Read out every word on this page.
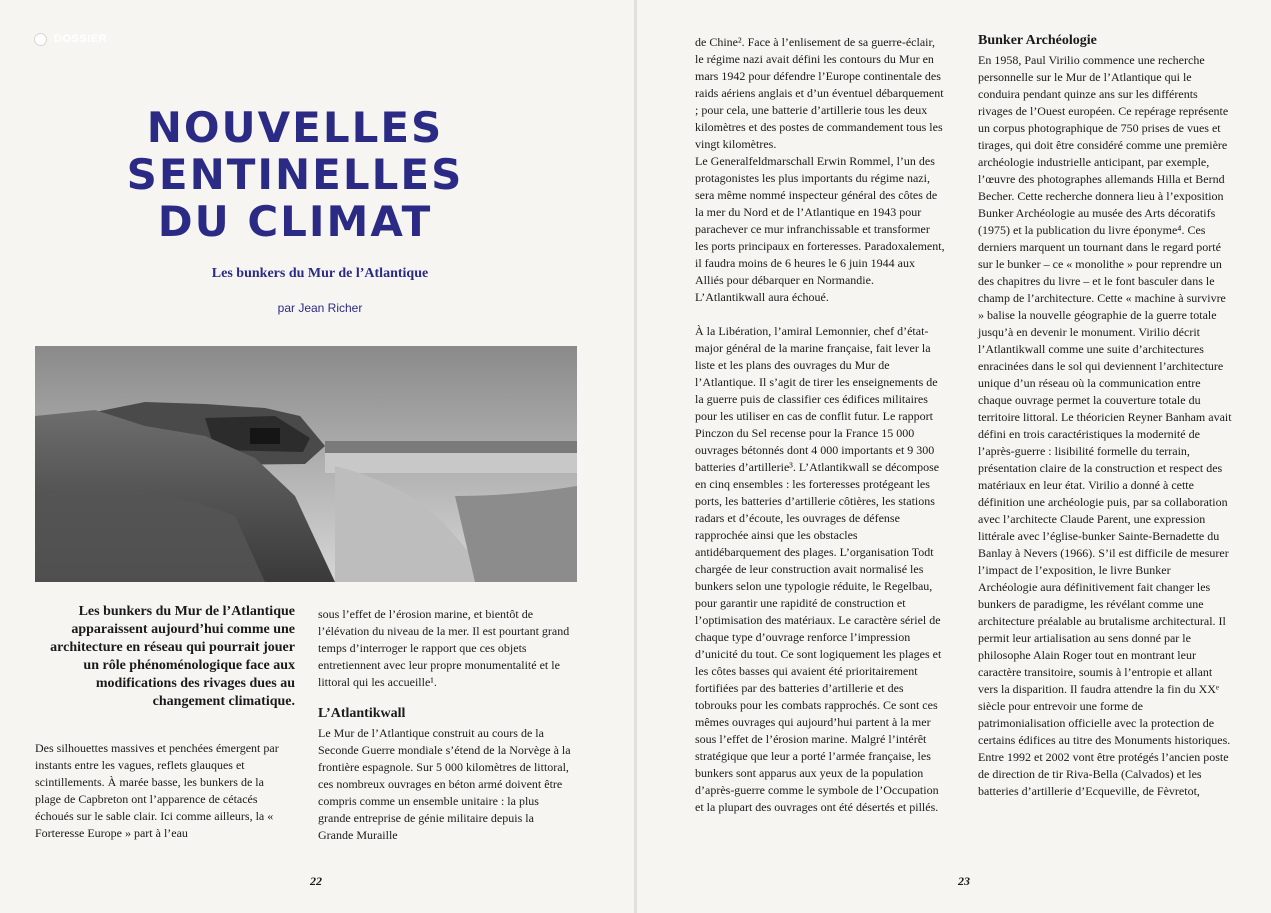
DOSSIER
NOUVELLES
SENTINELLES
DU CLIMAT
Les bunkers du Mur de l’Atlantique
par Jean Richer
Les bunkers du Mur de l’Atlantique apparaissent aujourd’hui comme une architecture en réseau qui pourrait jouer un rôle phénoménologique face aux modifications des rivages dues au changement climatique.

Des silhouettes massives et penchées émergent par instants entre les vagues, reflets glauques et scintillements. À marée basse, les bunkers de la plage de Capbreton ont l’apparence de cétacés échoués sur le sable clair. Ici comme ailleurs, la « Forteresse Europe » part à l’eau

sous l’effet de l’érosion marine, et bientôt de l’élévation du niveau de la mer. Il est pourtant grand temps d’interroger le rapport que ces objets entretiennent avec leur propre monumentalité et le littoral qui les accueille¹.

L’Atlantikwall

Le Mur de l’Atlantique construit au cours de la Seconde Guerre mondiale s’étend de la Norvège à la frontière espagnole. Sur 5 000 kilomètres de littoral, ces nombreux ouvrages en béton armé doivent être compris comme un ensemble unitaire : la plus grande entreprise de génie militaire depuis la Grande Muraille

de Chine². Face à l’enlisement de sa guerre-éclair, le régime nazi avait défini les contours du Mur en mars 1942 pour défendre l’Europe continentale des raids aériens anglais et d’un éventuel débarquement ; pour cela, une batterie d’artillerie tous les deux kilomètres et des postes de commandement tous les vingt kilomètres.

Le Generalfeldmarschall Erwin Rommel, l’un des protagonistes les plus importants du régime nazi, sera même nommé inspecteur général des côtes de la mer du Nord et de l’Atlantique en 1943 pour parachever ce mur infranchissable et transformer les ports principaux en forteresses. Paradoxalement, il faudra moins de 6 heures le 6 juin 1944 aux Alliés pour débarquer en Normandie. L’Atlantikwall aura échoué.

À la Libération, l’amiral Lemonnier, chef d’état-major général de la marine française, fait lever la liste et les plans des ouvrages du Mur de l’Atlantique. Il s’agit de tirer les enseignements de la guerre puis de classifier ces édifices militaires pour les utiliser en cas de conflit futur. Le rapport Pinczon du Sel recense pour la France 15 000 ouvrages bétonnés dont 4 000 importants et 9 300 batteries d’artillerie³. L’Atlantikwall se décompose en cinq ensembles : les forteresses protégeant les ports, les batteries d’artillerie côtières, les stations radars et d’écoute, les ouvrages de défense rapprochée ainsi que les obstacles antidébarquement des plages. L’organisation Todt chargée de leur construction avait normalisé les bunkers selon une typologie réduite, le Regelbau, pour garantir une rapidité de construction et l’optimisation des matériaux. Le caractère sériel de chaque type d’ouvrage renforce l’impression d’unicité du tout. Ce sont logiquement les plages et les côtes basses qui avaient été prioritairement fortifiées par des batteries d’artillerie et des tobrouks pour les combats rapprochés. Ce sont ces mêmes ouvrages qui aujourd’hui partent à la mer sous l’effet de l’érosion marine. Malgré l’intérêt stratégique que leur a porté l’armée française, les bunkers sont apparus aux yeux de la population d’après-guerre comme le symbole de l’Occupation et la plupart des ouvrages ont été désertés et pillés.

Bunker Archéologie

En 1958, Paul Virilio commence une recherche personnelle sur le Mur de l’Atlantique qui le conduira pendant quinze ans sur les différents rivages de l’Ouest européen. Ce repérage représente un corpus photographique de 750 prises de vues et tirages, qui doit être considéré comme une première archéologie industrielle anticipant, par exemple, l’œuvre des photographes allemands Hilla et Bernd Becher. Cette recherche donnera lieu à l’exposition Bunker Archéologie au musée des Arts décoratifs (1975) et la publication du livre éponyme⁴. Ces derniers marquent un tournant dans le regard porté sur le bunker – ce « monolithe » pour reprendre un des chapitres du livre – et le font basculer dans le champ de l’architecture. Cette « machine à survivre » balise la nouvelle géographie de la guerre totale jusqu’à en devenir le monument. Virilio décrit l’Atlantikwall comme une suite d’architectures enracinées dans le sol qui deviennent l’architecture unique d’un réseau où la communication entre chaque ouvrage permet la couverture totale du territoire littoral. Le théoricien Reyner Banham avait défini en trois caractéristiques la modernité de l’après-guerre : lisibilité formelle du terrain, présentation claire de la construction et respect des matériaux en leur état. Virilio a donné à cette définition une archéologie puis, par sa collaboration avec l’architecte Claude Parent, une expression littérale avec l’église-bunker Sainte-Bernadette du Banlay à Nevers (1966). S’il est difficile de mesurer l’impact de l’exposition, le livre Bunker Archéologie aura définitivement fait changer les bunkers de paradigme, les révélant comme une architecture préalable au brutalisme architectural. Il permit leur artialisation au sens donné par le philosophe Alain Roger tout en montrant leur caractère transitoire, soumis à l’entropie et allant vers la disparition. Il faudra attendre la fin du XXᵉ siècle pour entrevoir une forme de patrimonialisation officielle avec la protection de certains édifices au titre des Monuments historiques. Entre 1992 et 2002 vont être protégés l’ancien poste de direction de tir Riva-Bella (Calvados) et les batteries d’artillerie d’Ecqueville, de Fèvretot,

22	23
